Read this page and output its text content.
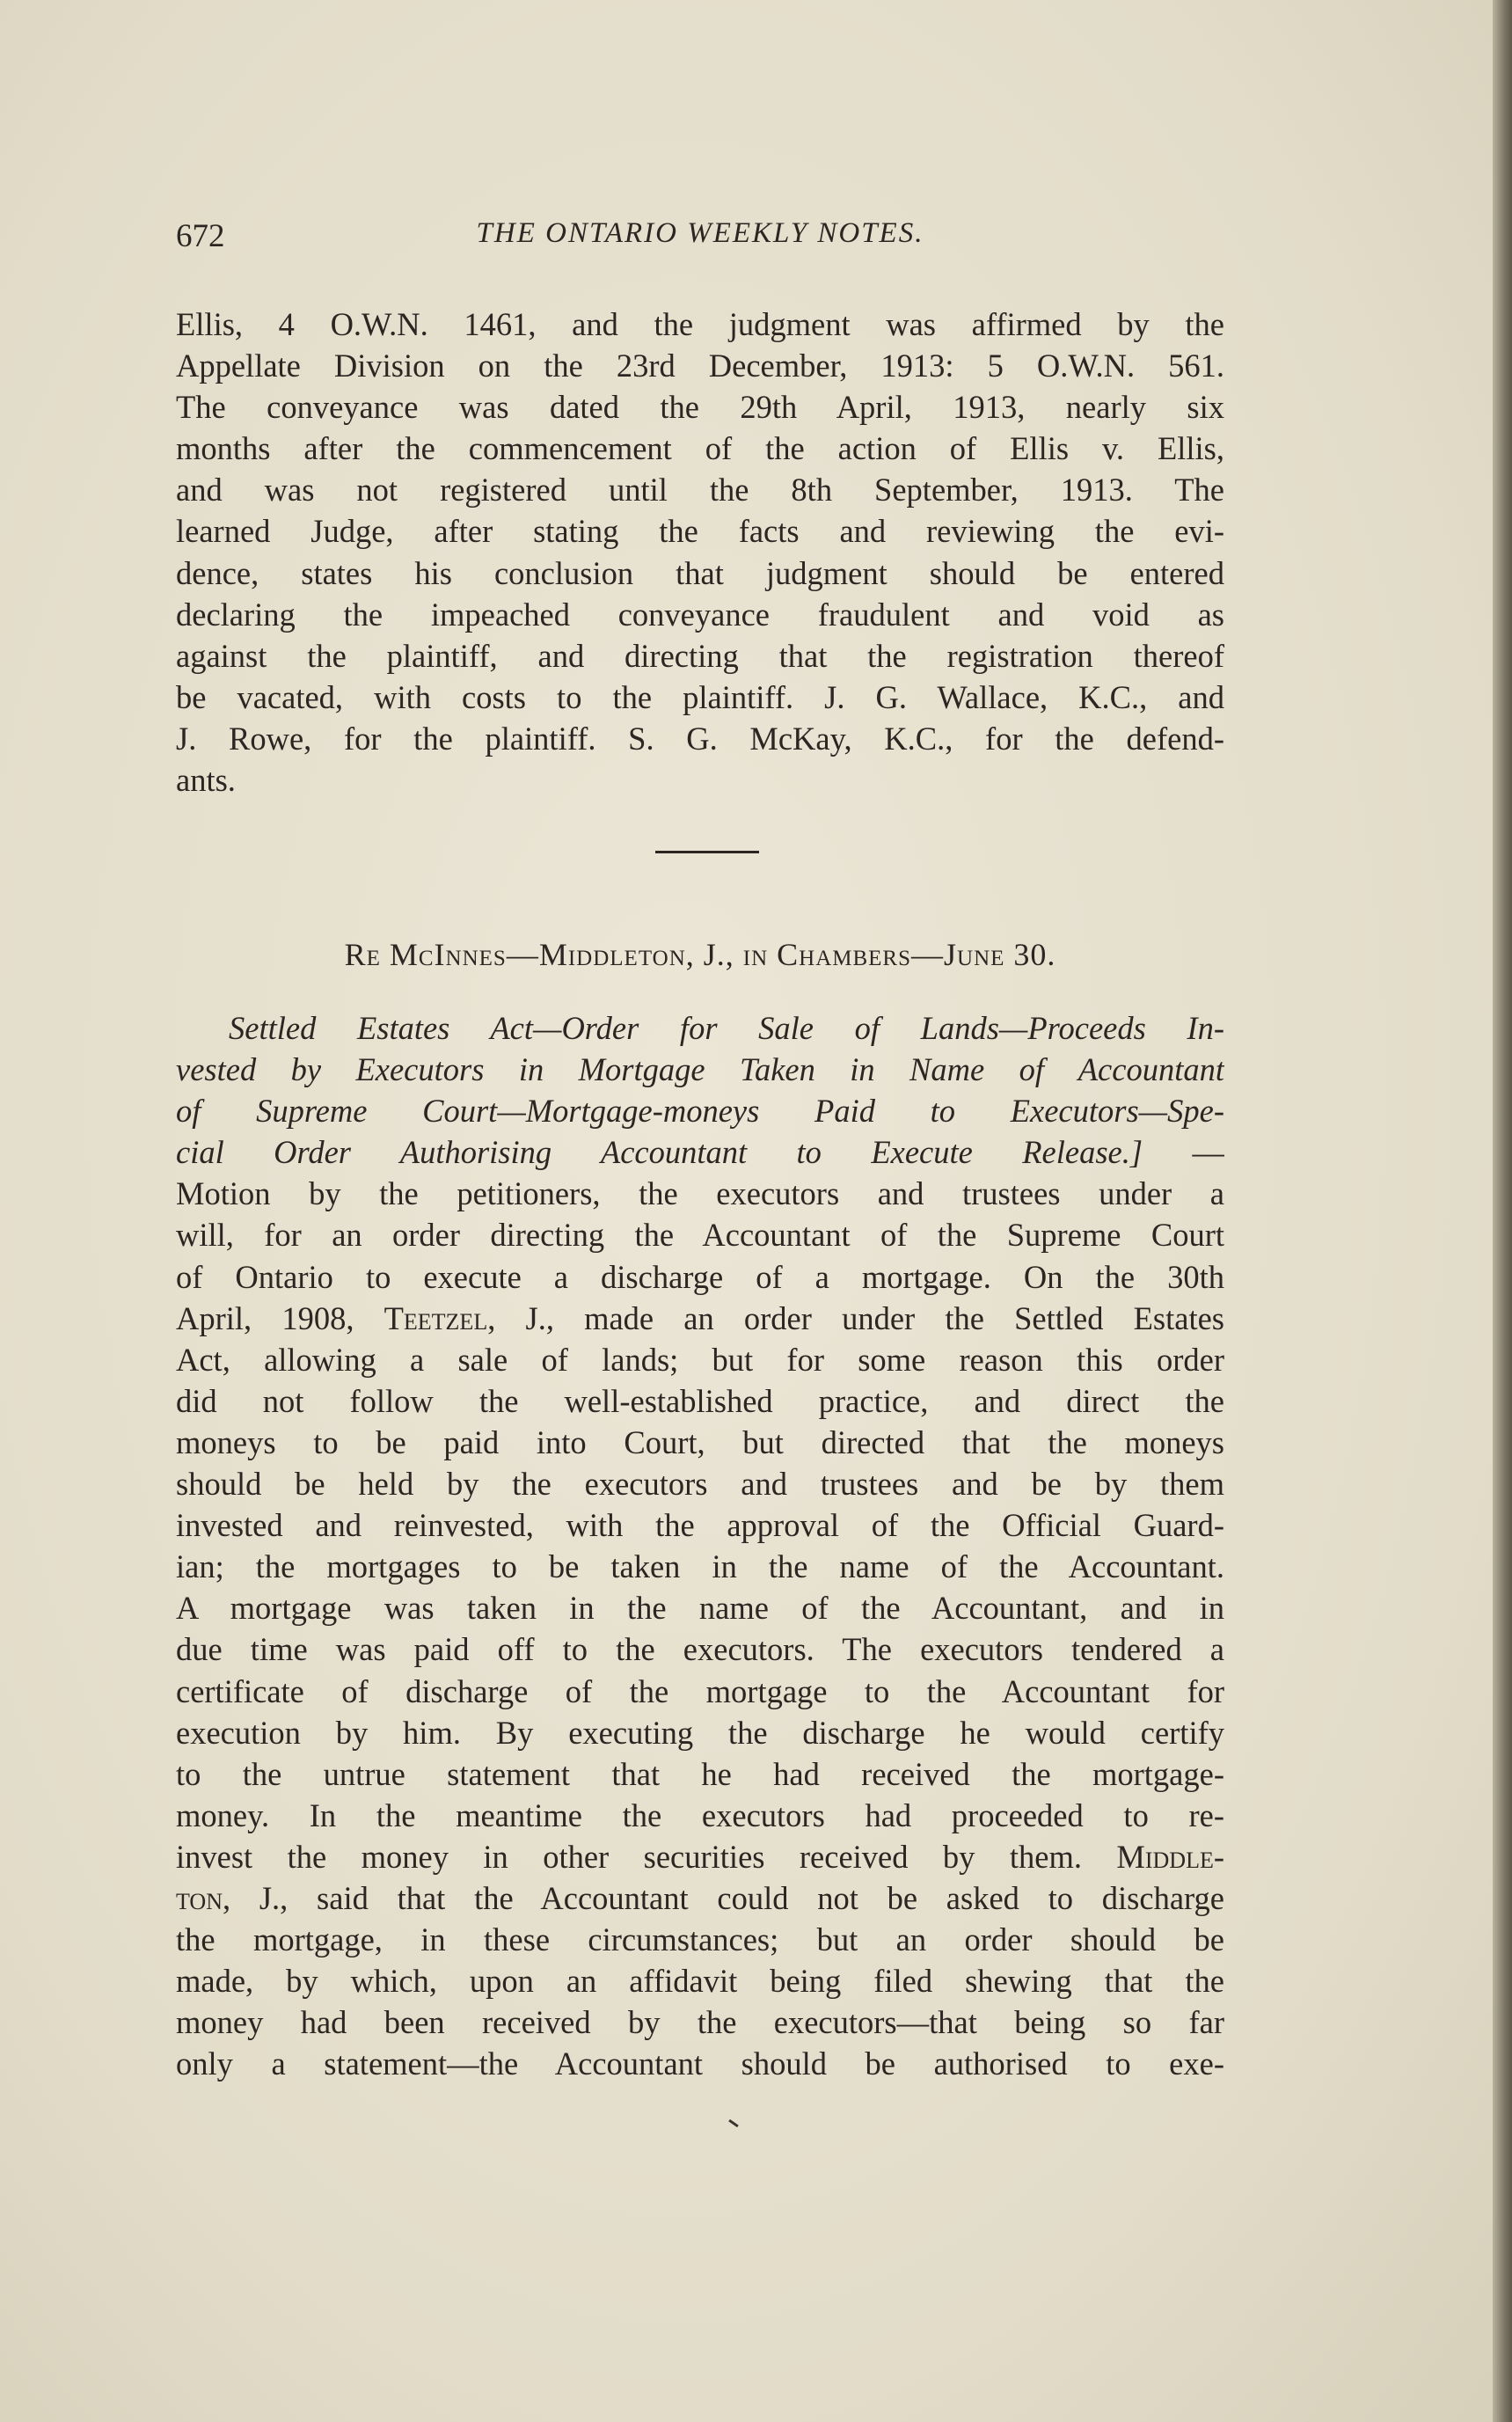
672	THE ONTARIO WEEKLY NOTES.
Ellis, 4 O.W.N. 1461, and the judgment was affirmed by the
Appellate Division on the 23rd December, 1913: 5 O.W.N. 561.
The conveyance was dated the 29th April, 1913, nearly six
months after the commencement of the action of Ellis v. Ellis,
and was not registered until the 8th September, 1913. The
learned Judge, after stating the facts and reviewing the evi-
dence, states his conclusion that judgment should be entered
declaring the impeached conveyance fraudulent and void as
against the plaintiff, and directing that the registration thereof
be vacated, with costs to the plaintiff. J. G. Wallace, K.C., and
J. Rowe, for the plaintiff. S. G. McKay, K.C., for the defend-
ants.
Re McInnes—Middleton, J., in Chambers—June 30.
Settled Estates Act—Order for Sale of Lands—Proceeds In-
vested by Executors in Mortgage Taken in Name of Accountant
of Supreme Court—Mortgage-moneys Paid to Executors—Spe-
cial Order Authorising Accountant to Execute Release.] —
Motion by the petitioners, the executors and trustees under a
will, for an order directing the Accountant of the Supreme Court
of Ontario to execute a discharge of a mortgage. On the 30th
April, 1908, Teetzel, J., made an order under the Settled Estates
Act, allowing a sale of lands; but for some reason this order
did not follow the well-established practice, and direct the
moneys to be paid into Court, but directed that the moneys
should be held by the executors and trustees and be by them
invested and reinvested, with the approval of the Official Guard-
ian; the mortgages to be taken in the name of the Accountant.
A mortgage was taken in the name of the Accountant, and in
due time was paid off to the executors. The executors tendered a
certificate of discharge of the mortgage to the Accountant for
execution by him. By executing the discharge he would certify
to the untrue statement that he had received the mortgage-
money. In the meantime the executors had proceeded to re-
invest the money in other securities received by them. Middle-
ton, J., said that the Accountant could not be asked to discharge
the mortgage, in these circumstances; but an order should be
made, by which, upon an affidavit being filed shewing that the
money had been received by the executors—that being so far
only a statement—the Accountant should be authorised to exe-
